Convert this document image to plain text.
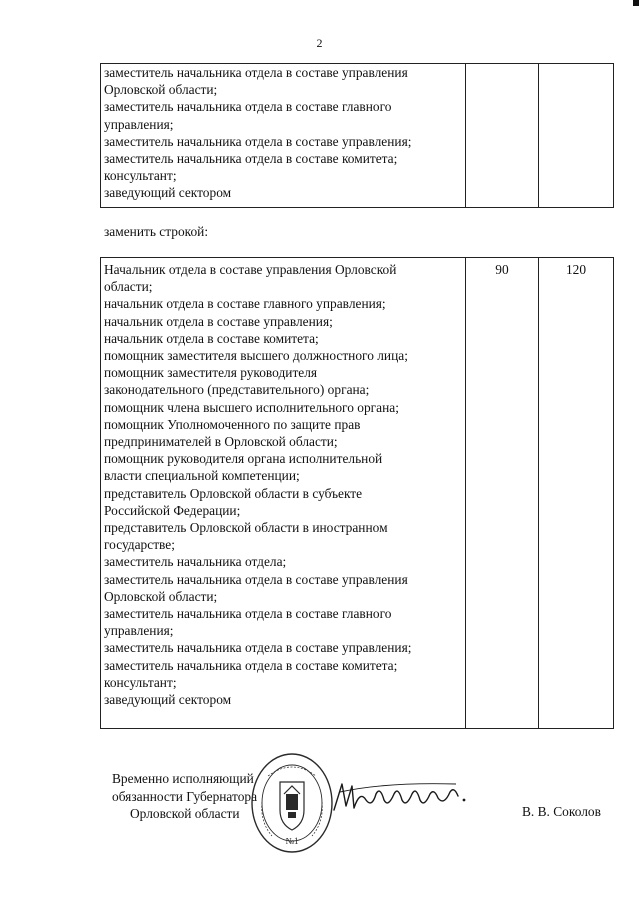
2
заместитель начальника отдела в составе управления
Орловской области;
заместитель начальника отдела в составе главного
управления;
заместитель начальника отдела в составе управления;
заместитель начальника отдела в составе комитета;
консультант;
заведующий сектором

заменить строкой:
Начальник отдела в составе управления Орловской
области;
начальник отдела в составе главного управления;
начальник отдела в составе управления;
начальник отдела в составе комитета;
помощник заместителя высшего должностного лица;
помощник заместителя руководителя
законодательного (представительного) органа;
помощник члена высшего исполнительного органа;
помощник Уполномоченного по защите прав
предпринимателей в Орловской области;
помощник руководителя органа исполнительной
власти специальной компетенции;
представитель Орловской области в субъекте
Российской Федерации;
представитель Орловской области в иностранном
государстве;
заместитель начальника отдела;
заместитель начальника отдела в составе управления
Орловской области;
заместитель начальника отдела в составе главного
управления;
заместитель начальника отдела в составе управления;
заместитель начальника отдела в составе комитета;
консультант;
заведующий сектором
	90	120
Временно исполняющий
обязанности Губернатора
Орловской области
№1
В. В. Соколов
